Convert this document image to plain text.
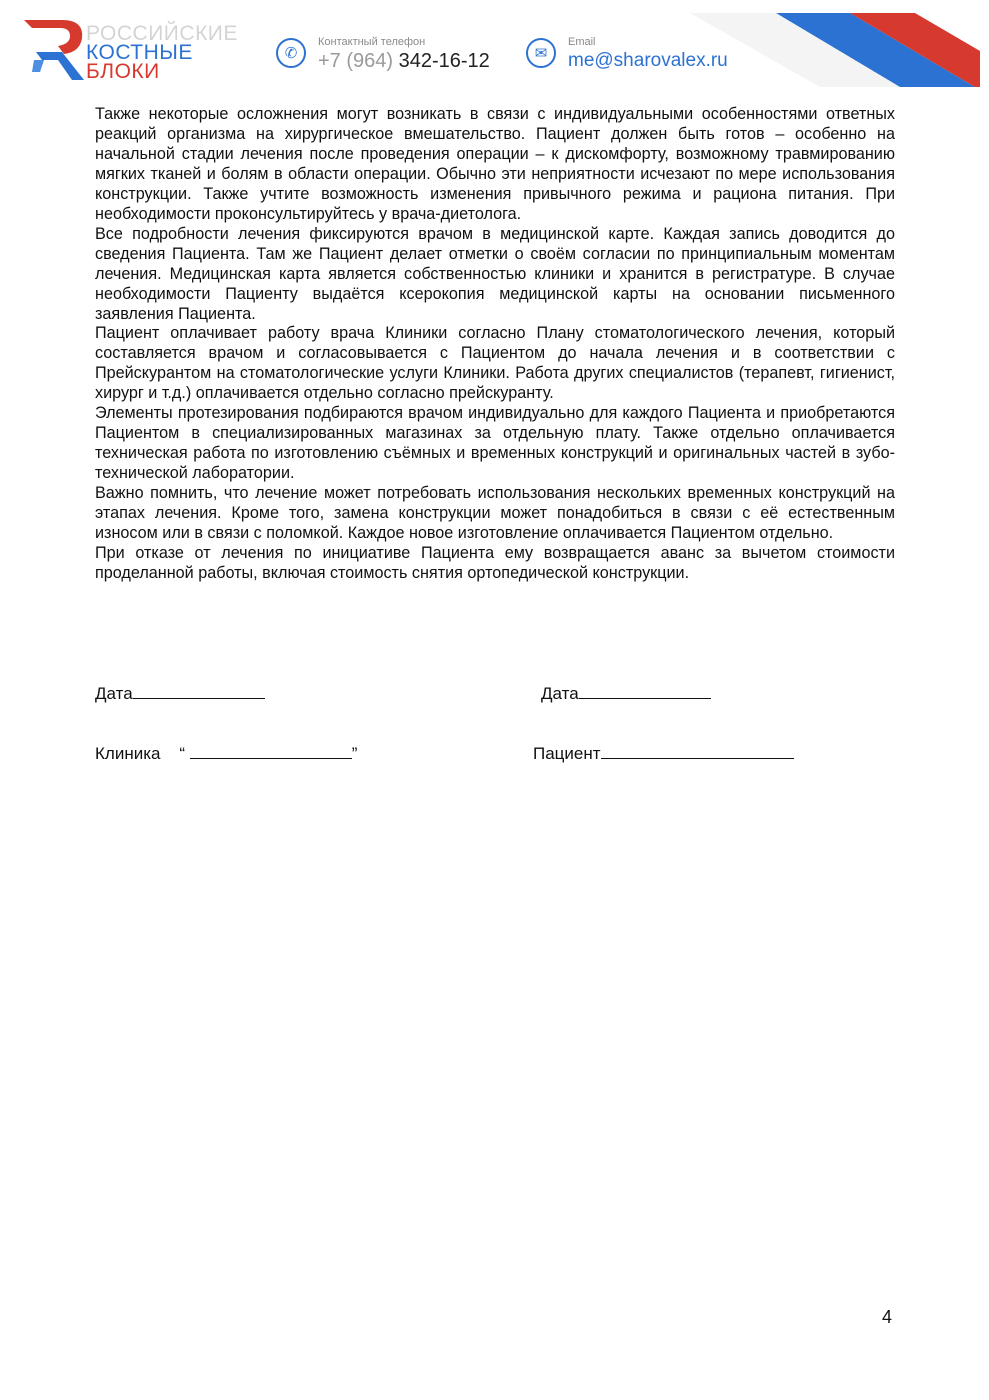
РОССИЙСКИЕ
КОСТНЫЕ
БЛОКИ
✆
Контактный телефон
+7 (964) 342-16-12	✉
Email
me@sharovalex.ru

Также некоторые осложнения могут возникать в связи с индивидуальными особенностями ответных реакций организма на хирургическое вмешательство. Пациент должен быть готов – особенно на начальной стадии лечения после проведения операции – к дискомфорту, возможному травмированию мягких тканей и болям в области операции. Обычно эти неприятности исчезают по мере использования конструкции. Также учтите возможность изменения привычного режима и рациона питания. При необходимости проконсультируйтесь у врача-диетолога.

Все подробности лечения фиксируются врачом в медицинской карте. Каждая запись доводится до сведения Пациента. Там же Пациент делает отметки о своём согласии по принципиальным моментам лечения. Медицинская карта является собственностью клиники и хранится в регистратуре. В случае необходимости Пациенту выдаётся ксерокопия медицинской карты на основании письменного заявления Пациента.

Пациент оплачивает работу врача Клиники согласно Плану стоматологического лечения, который составляется врачом и согласовывается с Пациентом до начала лечения и в соответствии с Прейскурантом на стоматологические услуги Клиники. Работа других специалистов (терапевт, гигиенист, хирург и т.д.) оплачивается отдельно согласно прейскуранту.

Элементы протезирования подбираются врачом индивидуально для каждого Пациента и приобретаются Пациентом в специализированных магазинах за отдельную плату. Также отдельно оплачивается техническая работа по изготовлению съёмных и временных конструкций и оригинальных частей в зубо-технической лаборатории.

Важно помнить, что лечение может потребовать использования нескольких временных конструкций на этапах лечения. Кроме того, замена конструкции может понадобиться в связи с её естественным износом или в связи с поломкой. Каждое новое изготовление оплачивается Пациентом отдельно.

При отказе от лечения по инициативе Пациента ему возвращается аванс за вычетом стоимости проделанной работы, включая стоимость снятия ортопедической конструкции.

Дата	Дата
Клиника “	”	Пациент
4
